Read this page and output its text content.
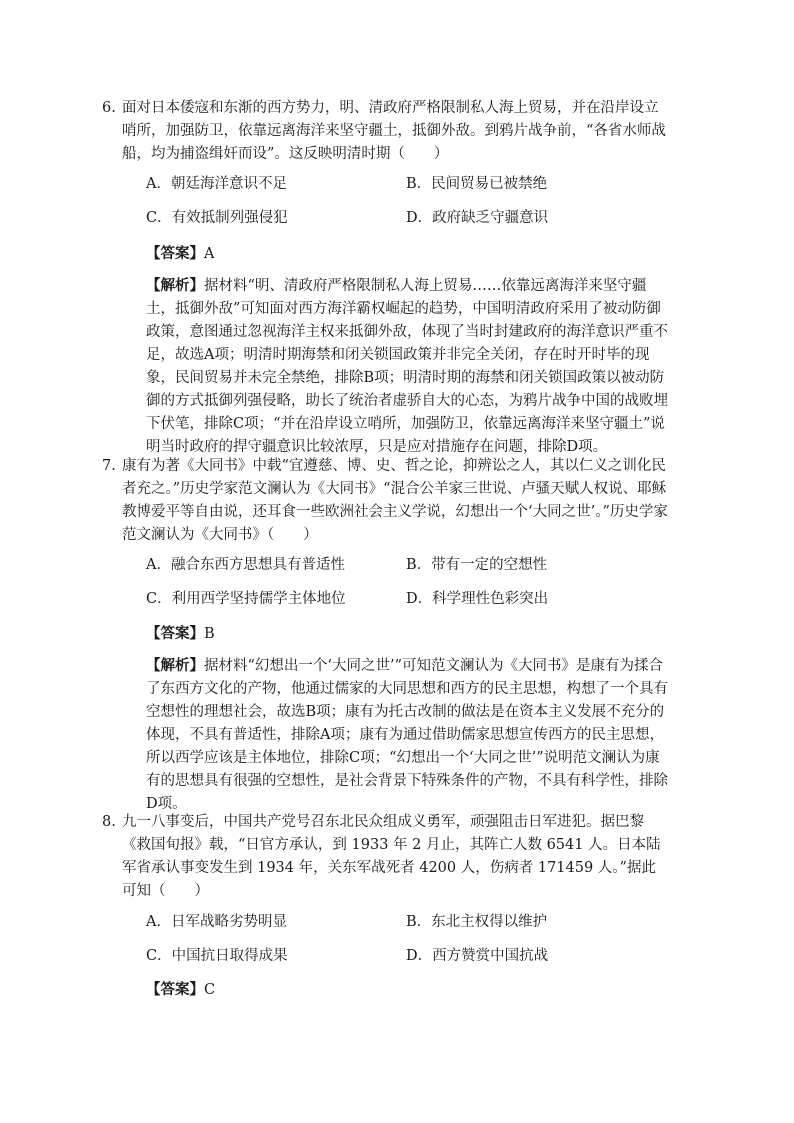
6. 面对日本倭寇和东渐的西方势力，明、清政府严格限制私人海上贸易，并在沿岸设立哨所，加强防卫，依靠远离海洋来坚守疆土，抵御外敌。到鸦片战争前，“各省水师战船，均为捕盗缉奸而设”。这反映明清时期（　　）

A．朝廷海洋意识不足	B．民间贸易已被禁绝
C．有效抵制列强侵犯	D．政府缺乏守疆意识
【答案】A

【解析】据材料“明、清政府严格限制私人海上贸易……依靠远离海洋来坚守疆土，抵御外敌”可知面对西方海洋霸权崛起的趋势，中国明清政府采用了被动防御政策，意图通过忽视海洋主权来抵御外敌，体现了当时封建政府的海洋意识严重不足，故选A项；明清时期海禁和闭关锁国政策并非完全关闭，存在时开时毕的现象，民间贸易并未完全禁绝，排除B项；明清时期的海禁和闭关锁国政策以被动防御的方式抵御列强侵略，助长了统治者虚骄自大的心态，为鸦片战争中国的战败埋下伏笔，排除C项；“并在沿岸设立哨所，加强防卫，依靠远离海洋来坚守疆土”说明当时政府的捍守疆意识比较浓厚，只是应对措施存在问题，排除D项。

7. 康有为著《大同书》中载“宜遵慈、博、史、哲之论，抑辨讼之人，其以仁义之训化民者充之。”历史学家范文澜认为《大同书》“混合公羊家三世说、卢骚天赋人权说、耶稣教博爱平等自由说，还耳食一些欧洲社会主义学说，幻想出一个‘大同之世’。”历史学家范文澜认为《大同书》（　　）

A．融合东西方思想具有普适性	B．带有一定的空想性
C．利用西学坚持儒学主体地位	D．科学理性色彩突出
【答案】B

【解析】据材料“幻想出一个‘大同之世’”可知范文澜认为《大同书》是康有为揉合了东西方文化的产物，他通过儒家的大同思想和西方的民主思想，构想了一个具有空想性的理想社会，故选B项；康有为托古改制的做法是在资本主义发展不充分的体现，不具有普适性，排除A项；康有为通过借助儒家思想宣传西方的民主思想，所以西学应该是主体地位，排除C项；“幻想出一个‘大同之世’”说明范文澜认为康有的思想具有很强的空想性，是社会背景下特殊条件的产物，不具有科学性，排除D项。

8. 九一八事变后，中国共产党号召东北民众组成义勇军，顽强阻击日军进犯。据巴黎《救国旬报》载，“日官方承认，到 1933 年 2 月止，其阵亡人数 6541 人。日本陆军省承认事变发生到 1934 年，关东军战死者 4200 人，伤病者 171459 人。”据此可知（　　）

A．日军战略劣势明显	B．东北主权得以维护
C．中国抗日取得成果	D．西方赞赏中国抗战
【答案】C
